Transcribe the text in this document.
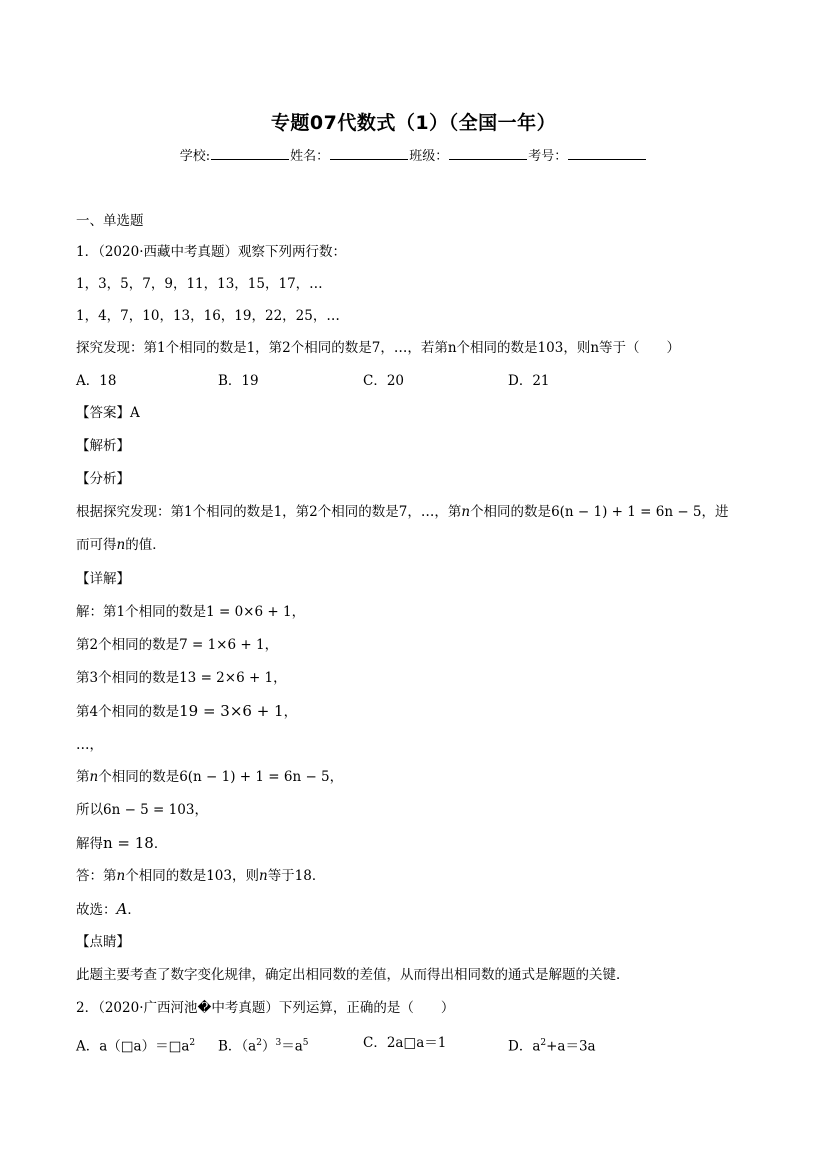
专题07代数式（1）（全国一年）
学校:	姓名：	班级：	考号：
一、单选题
1．（2020·西藏中考真题）观察下列两行数：
1，3，5，7，9，11，13，15，17，…
1，4，7，10，13，16，19，22，25，…
探究发现：第1个相同的数是1，第2个相同的数是7，…，若第n个相同的数是103，则n等于（　　）
A．18	B．19	C．20	D．21
【答案】A
【解析】
【分析】
根据探究发现：第1个相同的数是1，第2个相同的数是7，…，第n个相同的数是6(n − 1) + 1 = 6n − 5，进
而可得n的值．
【详解】
解：第1个相同的数是1 = 0×6 + 1，
第2个相同的数是7 = 1×6 + 1，
第3个相同的数是13 = 2×6 + 1，
第4个相同的数是19 = 3×6 + 1，
…，
第n个相同的数是6(n − 1) + 1 = 6n − 5，
所以6n − 5 = 103，
解得n = 18．
答：第n个相同的数是103，则n等于18．
故选：A．
【点睛】
此题主要考查了数字变化规律，确定出相同数的差值，从而得出相同数的通式是解题的关键．
2．（2020·广西河池�中考真题）下列运算，正确的是（　　）
A．$a(□a)=□a^2$ B．$(a^2)^3=a^5$	C．2a□a＝1	D．$a^2+a=3a$
